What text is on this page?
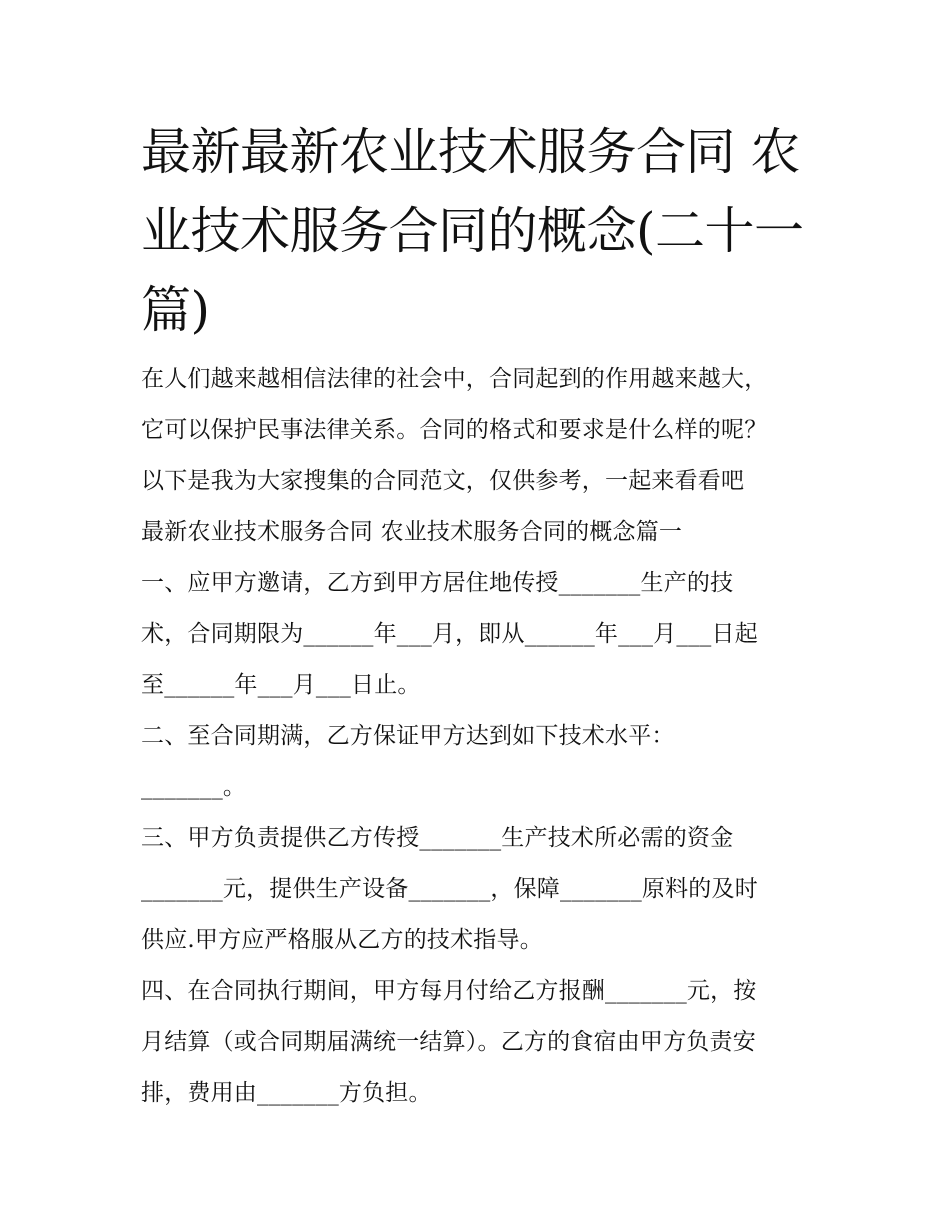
最新最新农业技术服务合同 农业技术服务合同的概念(二十一篇)
在人们越来越相信法律的社会中，合同起到的作用越来越大，
它可以保护民事法律关系。合同的格式和要求是什么样的呢？
以下是我为大家搜集的合同范文，仅供参考，一起来看看吧
最新农业技术服务合同 农业技术服务合同的概念篇一
一、应甲方邀请，乙方到甲方居住地传授_______生产的技
术，合同期限为______年___月，即从______年___月___日起
至______年___月___日止。
二、至合同期满，乙方保证甲方达到如下技术水平：
_______。
三、甲方负责提供乙方传授_______生产技术所必需的资金
_______元，提供生产设备_______，保障_______原料的及时
供应.甲方应严格服从乙方的技术指导。
四、在合同执行期间，甲方每月付给乙方报酬_______元，按
月结算（或合同期届满统一结算）。乙方的食宿由甲方负责安
排，费用由_______方负担。
